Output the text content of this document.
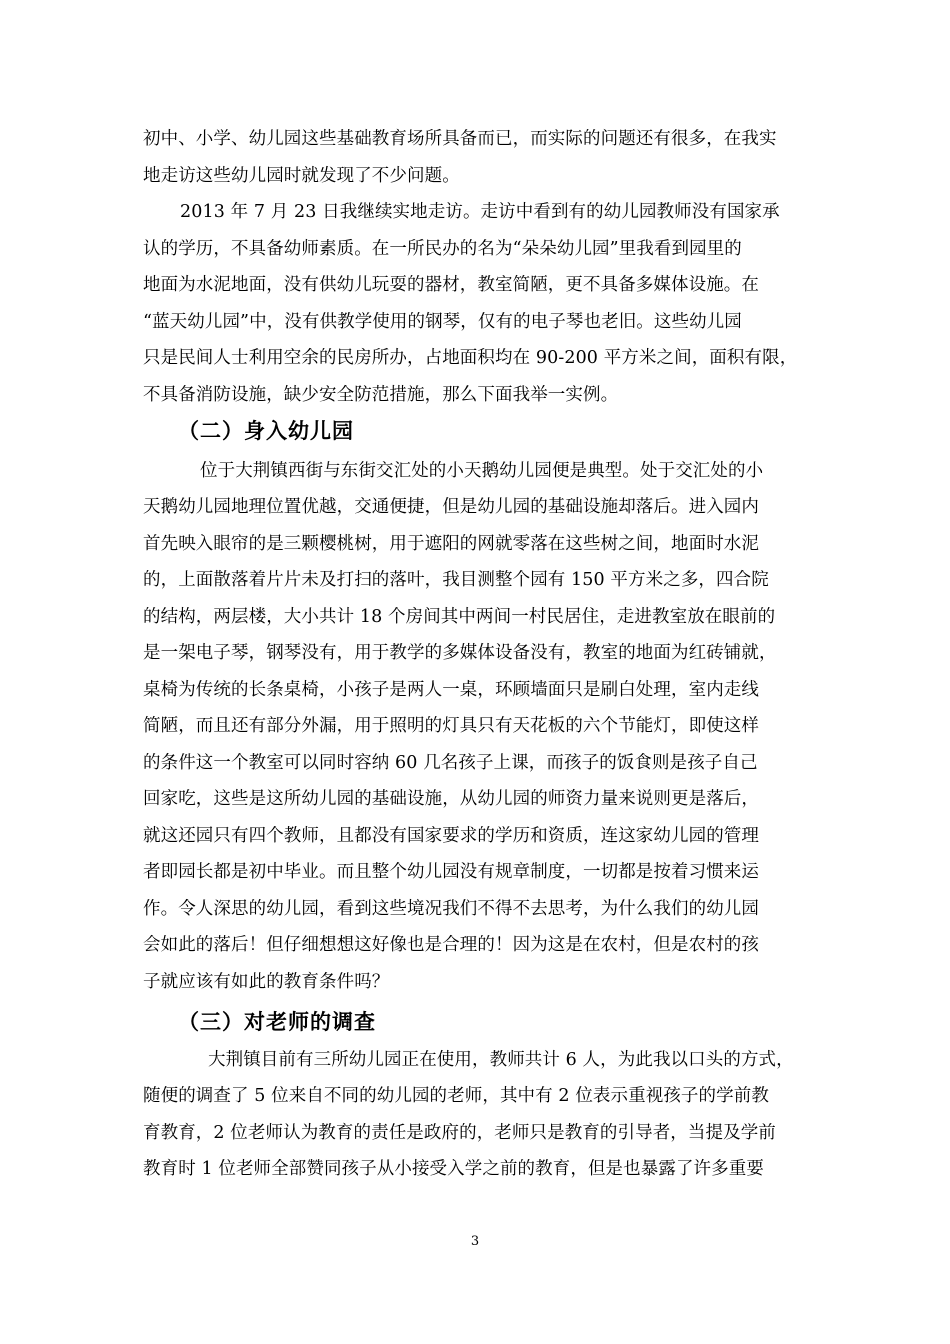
初中、小学、幼儿园这些基础教育场所具备而已，而实际的问题还有很多，在我实
地走访这些幼儿园时就发现了不少问题。
2013 年 7 月 23 日我继续实地走访。走访中看到有的幼儿园教师没有国家承
认的学历，不具备幼师素质。在一所民办的名为“朵朵幼儿园”里我看到园里的
地面为水泥地面，没有供幼儿玩耍的器材，教室简陋，更不具备多媒体设施。在
“蓝天幼儿园”中，没有供教学使用的钢琴，仅有的电子琴也老旧。这些幼儿园
只是民间人士利用空余的民房所办，占地面积均在 90-200 平方米之间，面积有限，
不具备消防设施，缺少安全防范措施，那么下面我举一实例。
（二）身入幼儿园
位于大荆镇西街与东街交汇处的小天鹅幼儿园便是典型。处于交汇处的小
天鹅幼儿园地理位置优越，交通便捷，但是幼儿园的基础设施却落后。进入园内
首先映入眼帘的是三颗樱桃树，用于遮阳的网就零落在这些树之间，地面时水泥
的，上面散落着片片未及打扫的落叶，我目测整个园有 150 平方米之多，四合院
的结构，两层楼，大小共计 18 个房间其中两间一村民居住，走进教室放在眼前的
是一架电子琴，钢琴没有，用于教学的多媒体设备没有，教室的地面为红砖铺就，
桌椅为传统的长条桌椅，小孩子是两人一桌，环顾墙面只是刷白处理，室内走线
简陋，而且还有部分外漏，用于照明的灯具只有天花板的六个节能灯，即使这样
的条件这一个教室可以同时容纳 60 几名孩子上课，而孩子的饭食则是孩子自己
回家吃，这些是这所幼儿园的基础设施，从幼儿园的师资力量来说则更是落后，
就这还园只有四个教师，且都没有国家要求的学历和资质，连这家幼儿园的管理
者即园长都是初中毕业。而且整个幼儿园没有规章制度，一切都是按着习惯来运
作。令人深思的幼儿园，看到这些境况我们不得不去思考，为什么我们的幼儿园
会如此的落后！但仔细想想这好像也是合理的！因为这是在农村，但是农村的孩
子就应该有如此的教育条件吗？
（三）对老师的调查
大荆镇目前有三所幼儿园正在使用，教师共计 6 人，为此我以口头的方式，
随便的调查了 5 位来自不同的幼儿园的老师，其中有 2 位表示重视孩子的学前教
育教育，2 位老师认为教育的责任是政府的，老师只是教育的引导者，当提及学前
教育时 1 位老师全部赞同孩子从小接受入学之前的教育，但是也暴露了许多重要
3
